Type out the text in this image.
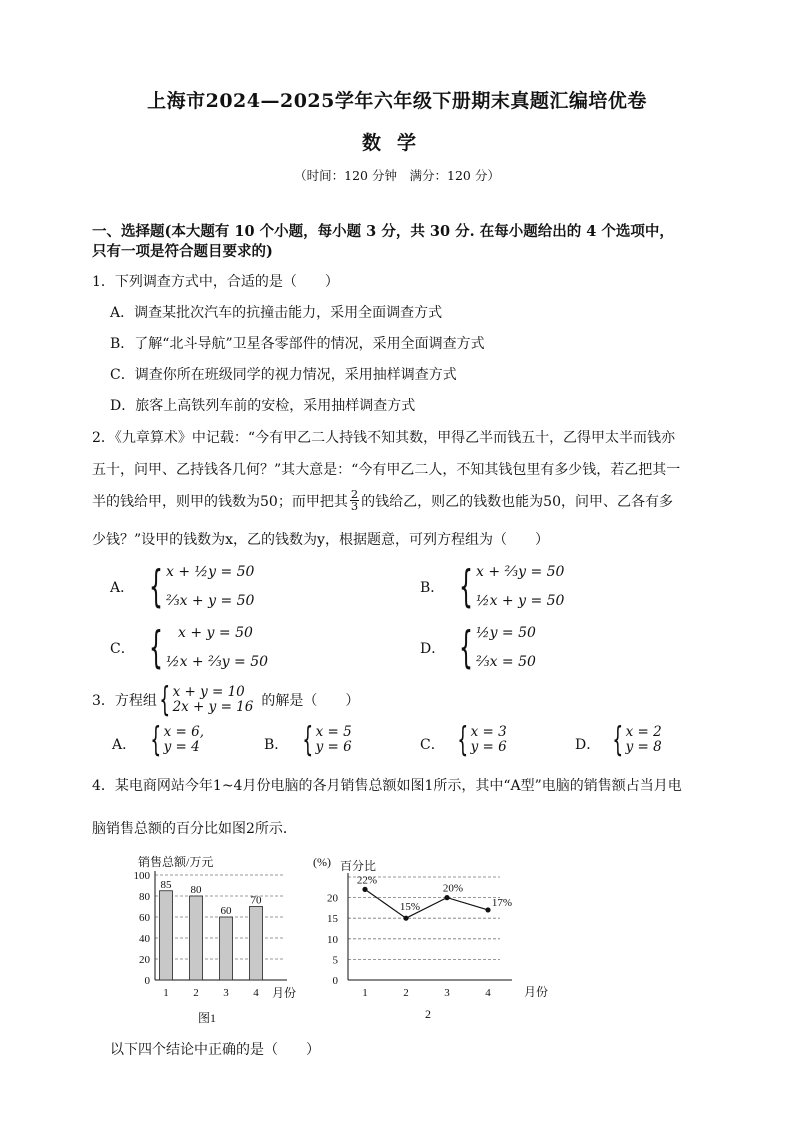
上海市2024—2025学年六年级下册期末真题汇编培优卷
数学
（时间：120 分钟　满分：120 分）
一、选择题(本大题有 10 个小题，每小题 3 分，共 30 分. 在每小题给出的 4 个选项中，
只有一项是符合题目要求的)
1．下列调查方式中，合适的是（　　）
A．调查某批次汽车的抗撞击能力，采用全面调查方式
B．了解“北斗导航”卫星各零部件的情况，采用全面调查方式
C．调查你所在班级同学的视力情况，采用抽样调查方式
D．旅客上高铁列车前的安检，采用抽样调查方式
2．《九章算术》中记载：“今有甲乙二人持钱不知其数，甲得乙半而钱五十，乙得甲太半而钱亦
五十，问甲、乙持钱各几何？”其大意是：“今有甲乙二人，不知其钱包里有多少钱，若乙把其一
半的钱给甲，则甲的钱数为50；而甲把其 $\frac{2}{3}$ 的钱给乙，则乙的钱数也能为50，问甲、乙各有多
少钱？”设甲的钱数为x，乙的钱数为y，根据题意，可列方程组为（　　）
A． { x + ½y = 50
⅔x + y = 50
B． { x + ⅔y = 50
½x + y = 50
C． {	x + y = 50
½x + ⅔y = 50
D． { ½y = 50
⅔x = 50
3．方程组 { x + y = 10
2x + y = 16 的解是（　　）
A． { x = 6,
y = 4	B． { x = 5
y = 6	C． { x = 3
y = 6	D． { x = 2
y = 8
4．某电商网站今年1~4月份电脑的各月销售总额如图1所示，其中“A型”电脑的销售额占当月电
脑销售总额的百分比如图2所示．
销售总额/万元
85 80
60
70
0
20
40
60
80
100
1 2 3 4 月份
图1
(%) 百分比
22%
15%
20%
17%
0
5
10
15
20
1	2	3	4	月份
2
以下四个结论中正确的是（　　）
